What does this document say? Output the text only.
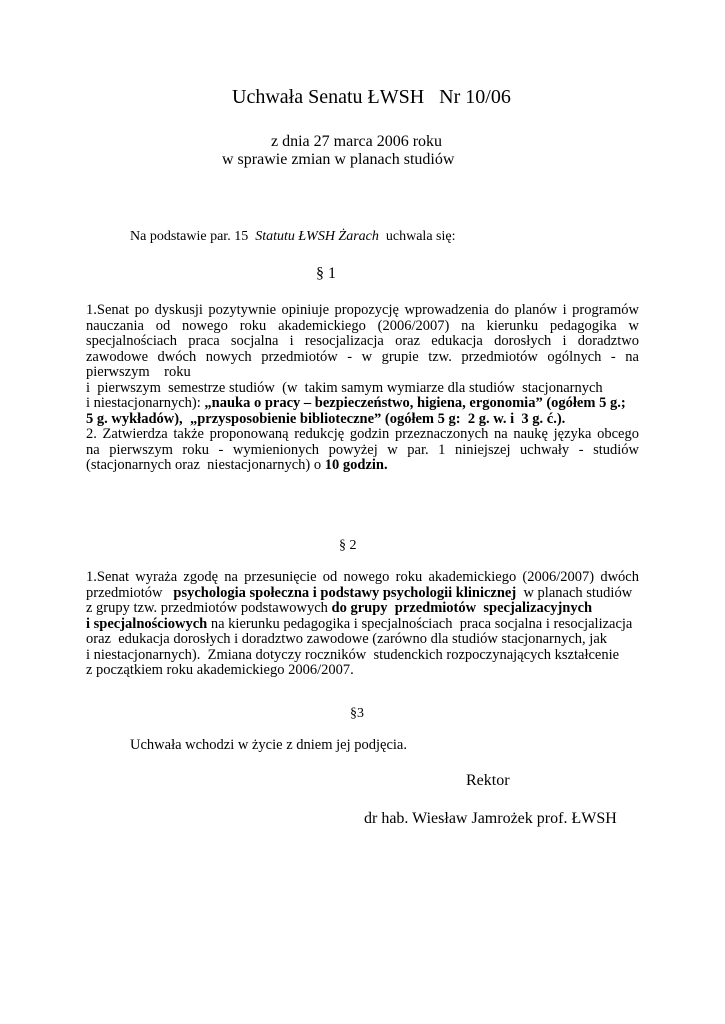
Uchwała Senatu ŁWSH   Nr 10/06
z dnia 27 marca 2006 roku
w sprawie zmian w planach studiów
Na podstawie par. 15  Statutu ŁWSH Żarach  uchwala się:
§ 1
1.Senat po dyskusji pozytywnie opiniuje propozycję wprowadzenia do planów i programów
nauczania od nowego roku akademickiego (2006/2007) na kierunku pedagogika w
specjalnościach praca socjalna i resocjalizacja oraz edukacja dorosłych i doradztwo
zawodowe dwóch nowych przedmiotów - w grupie tzw. przedmiotów ogólnych - na
pierwszym    roku
i  pierwszym  semestrze studiów  (w  takim samym wymiarze dla studiów  stacjonarnych
i niestacjonarnych): „nauka o pracy – bezpieczeństwo, higiena, ergonomia” (ogółem 5 g.;
5 g. wykładów),  „przysposobienie biblioteczne” (ogółem 5 g:  2 g. w. i  3 g. ć.).
2. Zatwierdza także proponowaną redukcję godzin przeznaczonych na naukę języka obcego
na pierwszym roku - wymienionych powyżej w par. 1 niniejszej uchwały - studiów
(stacjonarnych oraz  niestacjonarnych) o 10 godzin.
§ 2
1.Senat wyraża zgodę na przesunięcie od nowego roku akademickiego (2006/2007) dwóch
przedmiotów   psychologia społeczna i podstawy psychologii klinicznej  w planach studiów
z grupy tzw. przedmiotów podstawowych do grupy  przedmiotów  specjalizacyjnych
i specjalnościowych na kierunku pedagogika i specjalnościach  praca socjalna i resocjalizacja
oraz  edukacja dorosłych i doradztwo zawodowe (zarówno dla studiów stacjonarnych, jak
i niestacjonarnych).  Zmiana dotyczy roczników  studenckich rozpoczynających kształcenie
z początkiem roku akademickiego 2006/2007.
§3
Uchwała wchodzi w życie z dniem jej podjęcia.
Rektor
dr hab. Wiesław Jamrożek prof. ŁWSH
